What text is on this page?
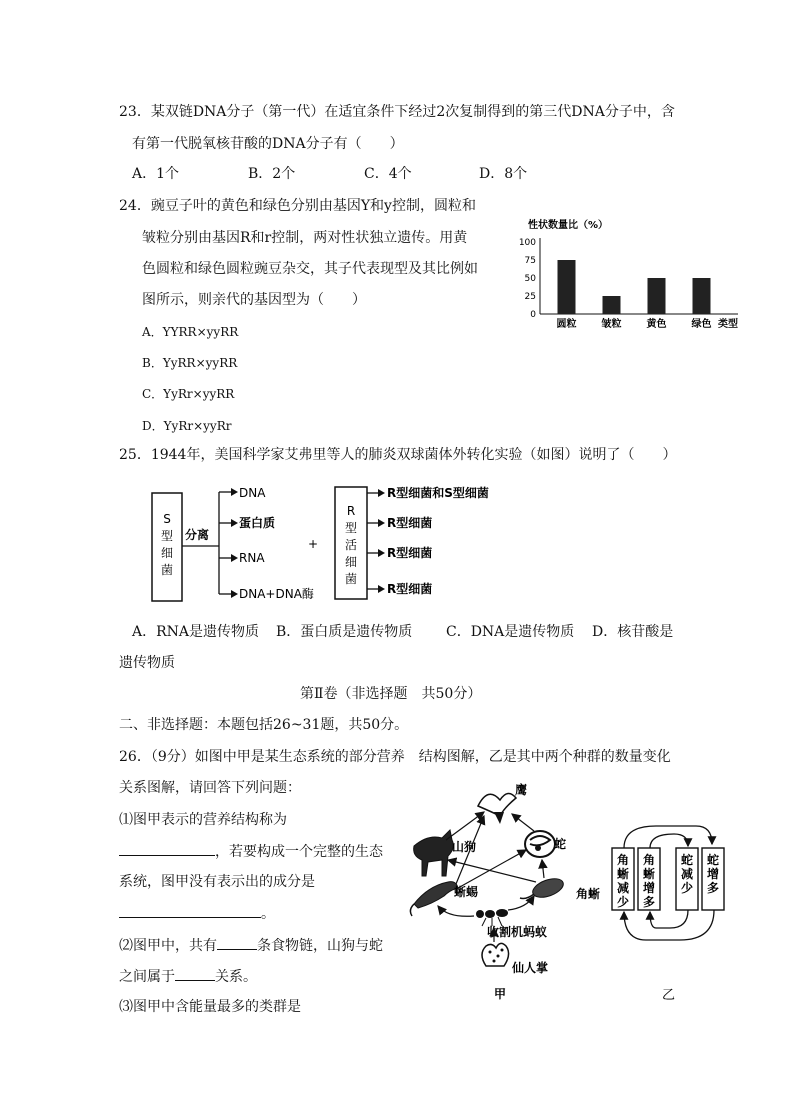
23．某双链DNA分子（第一代）在适宜条件下经过2次复制得到的第三代DNA分子中，含
有第一代脱氧核苷酸的DNA分子有（　　）
A．1个	B．2个	C．4个	D．8个
24．豌豆子叶的黄色和绿色分别由基因Y和y控制，圆粒和
皱粒分别由基因R和r控制，两对性状独立遗传。用黄
色圆粒和绿色圆粒豌豆杂交，其子代表现型及其比例如
图所示，则亲代的基因型为（　　）
A．YYRR×yyRR
B．YyRR×yyRR
C．YyRr×yyRR
D．YyRr×yyRr
性状数量比（%）
0
25
50
75
100
圆粒	皱粒	黄色	绿色 类型
25．1944年，美国科学家艾弗里等人的肺炎双球菌体外转化实验（如图）说明了（　　）
S
型
细
菌
分离
DNA
蛋白质
RNA
DNA+DNA酶
+
R
型
活
细
菌
R型细菌和S型细菌
R型细菌
R型细菌
R型细菌
A．RNA是遗传物质 B．蛋白质是遗传物质 C．DNA是遗传物质 D．核苷酸是
遗传物质
第Ⅱ卷（非选择题　共50分）
二、非选择题：本题包括26~31题，共50分。
26．（9分）如图中甲是某生态系统的部分营养　结构图解，乙是其中两个种群的数量变化
关系图解，请回答下列问题：
⑴图甲表示的营养结构称为
，若要构成一个完整的生态
系统，图甲没有表示出的成分是
。
⑵图甲中，共有	条食物链，山狗与蛇
之间属于	关系。
⑶图甲中含能量最多的类群是
鹰
蛇
山狗
蜥蜴	角蜥
收割机蚂蚁
仙人掌
甲
角蜥减少
角蜥增多
蛇减少
蛇增多
乙
